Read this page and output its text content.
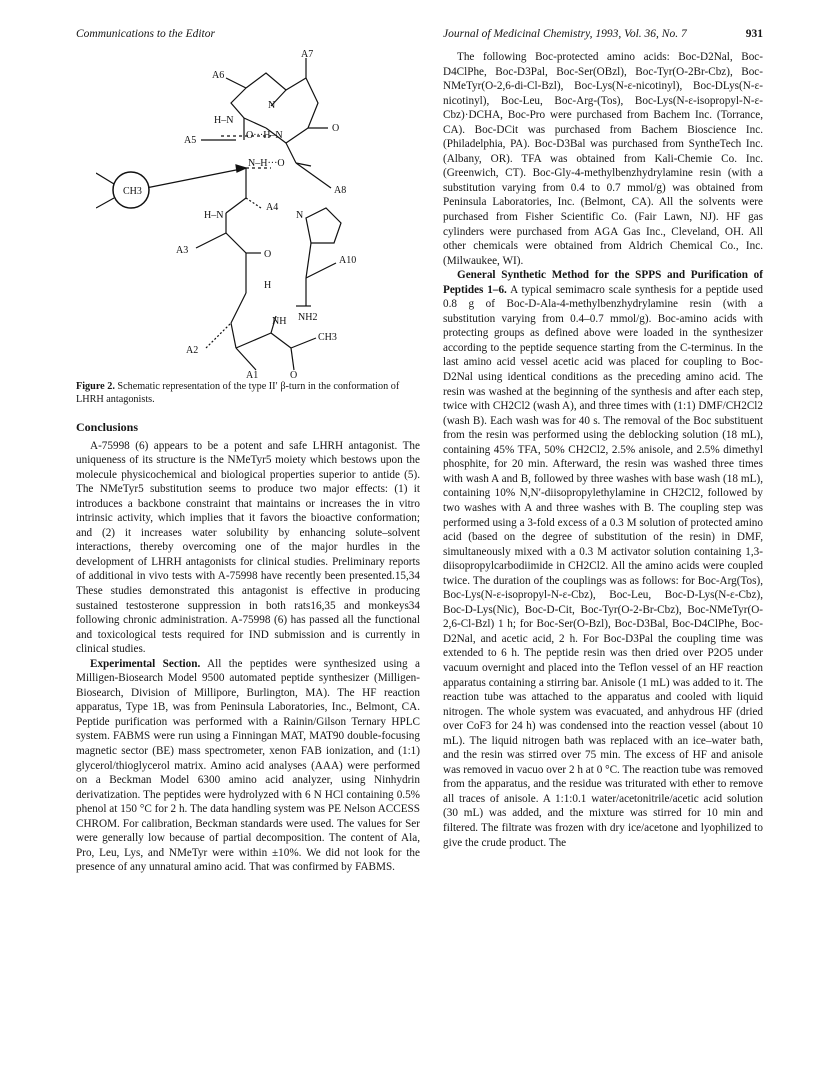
Communications to the Editor	Journal of Medicinal Chemistry, 1993, Vol. 36, No. 7	931
CH3
A7
A6
A5
A8
A4
A3
A10
A2
A1
CH3
NH2
H–N
N
O
O···H–N
N–H···O
H–N
O
H
NH
O
N
Figure 2. Schematic representation of the type II′ β-turn in the conformation of LHRH antagonists.
Conclusions

A-75998 (6) appears to be a potent and safe LHRH antagonist. The uniqueness of its structure is the NMeTyr5 moiety which bestows upon the molecule physicochemical and biological properties superior to antide (5). The NMeTyr5 substitution seems to produce two major effects: (1) it introduces a backbone constraint that maintains or increases the in vitro intrinsic activity, which implies that it favors the bioactive conformation; and (2) it increases water solubility by enhancing solute–solvent interactions, thereby overcoming one of the major hurdles in the development of LHRH antagonists for clinical studies. Preliminary reports of additional in vivo tests with A-75998 have recently been presented.15,34 These studies demonstrated this antagonist is effective in producing sustained testosterone suppression in both rats16,35 and monkeys34 following chronic administration. A-75998 (6) has passed all the functional and toxicological tests required for IND submission and is currently in clinical studies.

Experimental Section. All the peptides were synthesized using a Milligen-Biosearch Model 9500 automated peptide synthesizer (Milligen-Biosearch, Division of Millipore, Burlington, MA). The HF reaction apparatus, Type 1B, was from Peninsula Laboratories, Inc., Belmont, CA. Peptide purification was performed with a Rainin/Gilson Ternary HPLC system. FABMS were run using a Finningan MAT, MAT90 double-focusing magnetic sector (BE) mass spectrometer, xenon FAB ionization, and (1:1) glycerol/thioglycerol matrix. Amino acid analyses (AAA) were performed on a Beckman Model 6300 amino acid analyzer, using Ninhydrin derivatization. The peptides were hydrolyzed with 6 N HCl containing 0.5% phenol at 150 °C for 2 h. The data handling system was PE Nelson ACCESS CHROM. For calibration, Beckman standards were used. The values for Ser were generally low because of partial decomposition. The content of Ala, Pro, Leu, Lys, and NMeTyr were within ±10%. We did not look for the presence of any unnatural amino acid. That was confirmed by FABMS.

The following Boc-protected amino acids: Boc-D2Nal, Boc-D4ClPhe, Boc-D3Pal, Boc-Ser(OBzl), Boc-Tyr(O-2Br-Cbz), Boc-NMeTyr(O-2,6-di-Cl-Bzl), Boc-Lys(N-ε-nicotinyl), Boc-DLys(N-ε-nicotinyl), Boc-Leu, Boc-Arg-(Tos), Boc-Lys(N-ε-isopropyl-N-ε-Cbz)·DCHA, Boc-Pro were purchased from Bachem Inc. (Torrance, CA). Boc-DCit was purchased from Bachem Bioscience Inc. (Philadelphia, PA). Boc-D3Bal was purchased from SyntheTech Inc. (Albany, OR). TFA was obtained from Kali-Chemie Co. Inc. (Greenwich, CT). Boc-Gly-4-methylbenzhydrylamine resin (with a substitution varying from 0.4 to 0.7 mmol/g) was obtained from Peninsula Laboratories, Inc. (Belmont, CA). All the solvents were purchased from Fisher Scientific Co. (Fair Lawn, NJ). HF gas cylinders were purchased from AGA Gas Inc., Cleveland, OH. All other chemicals were obtained from Aldrich Chemical Co., Inc. (Milwaukee, WI).

General Synthetic Method for the SPPS and Purification of Peptides 1–6. A typical semimacro scale synthesis for a peptide used 0.8 g of Boc-D-Ala-4-methylbenzhydrylamine resin (with a substitution varying from 0.4–0.7 mmol/g). Boc-amino acids with protecting groups as defined above were loaded in the synthesizer according to the peptide sequence starting from the C-terminus. In the last amino acid vessel acetic acid was placed for coupling to Boc-D2Nal using identical conditions as the preceding amino acid. The resin was washed at the beginning of the synthesis and after each step, twice with CH2Cl2 (wash A), and three times with (1:1) DMF/CH2Cl2 (wash B). Each wash was for 40 s. The removal of the Boc substituent from the resin was performed using the deblocking solution (18 mL), containing 45% TFA, 50% CH2Cl2, 2.5% anisole, and 2.5% dimethyl phosphite, for 20 min. Afterward, the resin was washed three times with wash A and B, followed by three washes with base wash (18 mL), containing 10% N,N′-diisopropylethylamine in CH2Cl2, followed by two washes with A and three washes with B. The coupling step was performed using a 3-fold excess of a 0.3 M solution of protected amino acid (based on the degree of substitution of the resin) in DMF, simultaneously mixed with a 0.3 M activator solution containing 1,3-diisopropylcarbodiimide in CH2Cl2. All the amino acids were coupled twice. The duration of the couplings was as follows: for Boc-Arg(Tos), Boc-Lys(N-ε-isopropyl-N-ε-Cbz), Boc-Leu, Boc-D-Lys(N-ε-Cbz), Boc-D-Lys(Nic), Boc-D-Cit, Boc-Tyr(O-2-Br-Cbz), Boc-NMeTyr(O-2,6-Cl-Bzl) 1 h; for Boc-Ser(O-Bzl), Boc-D3Bal, Boc-D4ClPhe, Boc-D2Nal, and acetic acid, 2 h. For Boc-D3Pal the coupling time was extended to 6 h. The peptide resin was then dried over P2O5 under vacuum overnight and placed into the Teflon vessel of an HF reaction apparatus containing a stirring bar. Anisole (1 mL) was added to it. The reaction tube was attached to the apparatus and cooled with liquid nitrogen. The whole system was evacuated, and anhydrous HF (dried over CoF3 for 24 h) was condensed into the reaction vessel (about 10 mL). The liquid nitrogen bath was replaced with an ice–water bath, and the resin was stirred over 75 min. The excess of HF and anisole was removed in vacuo over 2 h at 0 °C. The reaction tube was removed from the apparatus, and the residue was triturated with ether to remove all traces of anisole. A 1:1:0.1 water/acetonitrile/acetic acid solution (30 mL) was added, and the mixture was stirred for 10 min and filtered. The filtrate was frozen with dry ice/acetone and lyophilized to give the crude product. The
